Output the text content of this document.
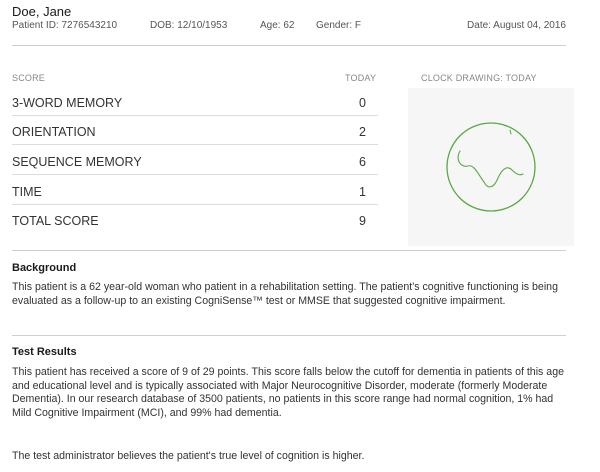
Doe, Jane
Patient ID: 7276543210	DOB: 12/10/1953	Age: 62 Gender: F	Date: August 04, 2016
SCORE	TODAY	CLOCK DRAWING: TODAY
3-WORD MEMORY	0
ORIENTATION	2
SEQUENCE MEMORY	6
TIME	1
TOTAL SCORE	9
Background
This patient is a 62 year-old woman who patient in a rehabilitation setting. The patient's cognitive functioning is being evaluated as a follow-up to an existing CogniSense™ test or MMSE that suggested cognitive impairment.
Test Results
This patient has received a score of 9 of 29 points. This score falls below the cutoff for dementia in patients of this age and educational level and is typically associated with Major Neurocognitive Disorder, moderate (formerly Moderate Dementia). In our research database of 3500 patients, no patients in this score range had normal cognition, 1% had Mild Cognitive Impairment (MCI), and 99% had dementia.
The test administrator believes the patient's true level of cognition is higher.
